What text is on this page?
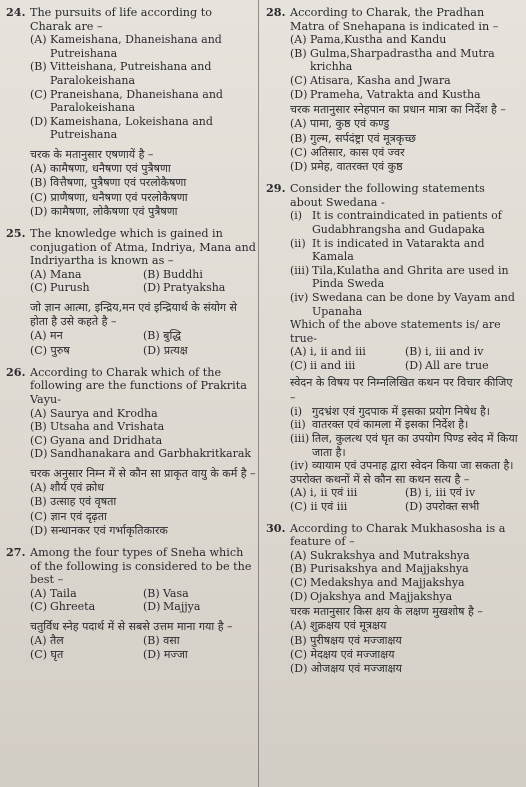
24. The pursuits of life according to Charak are –
(A) Kameishana, Dhaneishana and Putreishana
(B) Vitteishana, Putreishana and Paralokeishana
(C) Praneishana, Dhaneishana and Paralokeishana
(D) Kameishana, Lokeishana and Putreishana
चरक के मतानुसार एषणायें है –
(A) कामैषणा, धनैषणा एवं पुत्रैषणा
(B) वित्तैषणा, पुत्रैषणा एवं परलोकैषणा
(C) प्राणैषणा, धनैषणा एवं परलोकैषणा
(D) कामैषणा, लोकैषणा एवं पुत्रैषणा
25. The knowledge which is gained in conjugation of Atma, Indriya, Mana and Indriyartha is known as –
(A) Mana	(B) Buddhi
(C) Purush	(D) Pratyaksha
जो ज्ञान आत्मा, इन्द्रिय,मन एवं इन्द्रियार्थ के संयोग से होता है उसे कहते है –
(A) मन	(B) बुद्धि
(C) पुरुष	(D) प्रत्यक्ष
26. According to Charak which of the following are the functions of Prakrita Vayu-
(A) Saurya and Krodha
(B) Utsaha and Vrishata
(C) Gyana and Dridhata
(D) Sandhanakara and Garbhakritkarak
चरक अनुसार निम्न में से कौन सा प्राकृत वायु के कर्म है –
(A) शौर्य एवं क्रोध
(B) उत्साह एवं वृषता
(C) ज्ञान एवं दृढ़ता
(D) सन्धानकर एवं गर्भाकृतिकारक
27. Among the four types of Sneha which of the following is considered to be the best –
(A) Taila	(B) Vasa
(C) Ghreeta	(D) Majjya
चतुर्विध स्नेह पदार्थ में से सबसे उत्तम माना गया है –
(A) तैल	(B) वसा
(C) घृत	(D) मज्जा
28. According to Charak, the Pradhan Matra of Snehapana is indicated in –
(A) Pama,Kustha and Kandu
(B) Gulma,Sharpadrastha and Mutra krichha
(C) Atisara, Kasha and Jwara
(D) Prameha, Vatrakta and Kustha
चरक मतानुसार स्नेहपान का प्रधान मात्रा का निर्देश है –
(A) पामा, कुष्ठ एवं कण्डु
(B) गुल्म, सर्पदंष्ट्रा एवं मूत्रकृच्छ
(C) अतिसार, कास एवं ज्वर
(D) प्रमेह, वातरक्त एवं कुष्ठ
29. Consider the following statements about Swedana -
(i) It is contraindicated in patients of Gudabhrangsha and Gudapaka
(ii) It is indicated in Vatarakta and Kamala
(iii) Tila,Kulatha and Ghrita are used in Pinda Sweda
(iv) Swedana can be done by Vayam and Upanaha
Which of the above statements is/ are true-
(A) i, ii and iii	(B) i, iii and iv
(C) ii and iii	(D) All are true
स्वेदन के विषय पर निम्नलिखित कथन पर विचार कीजिए –
(i) गुदभ्रंश एवं गुदपाक में इसका प्रयोग निषेध है।
(ii) वातरक्त एवं कामला में इसका निर्देश है।
(iii) तिल, कुलत्थ एवं घृत का उपयोग पिण्ड स्वेद में किया जाता है।
(iv) व्यायाम एवं उपनाह द्वारा स्वेदन किया जा सकता है।
उपरोक्त कथनों में से कौन सा कथन सत्य है –
(A) i, ii एवं iii	(B) i, iii एवं iv
(C) ii एवं iii	(D) उपरोक्त सभी
30. According to Charak Mukhasosha is a feature of –
(A) Sukrakshya and Mutrakshya
(B) Purisakshya and Majjakshya
(C) Medakshya and Majjakshya
(D) Ojakshya and Majjakshya
चरक मतानुसार किस क्षय के लक्षण मुखशोष है –
(A) शुक्रक्षय एवं मूत्रक्षय
(B) पुरीषक्षय एवं मज्जाक्षय
(C) मेदक्षय एवं मज्जाक्षय
(D) ओजक्षय एवं मज्जाक्षय
